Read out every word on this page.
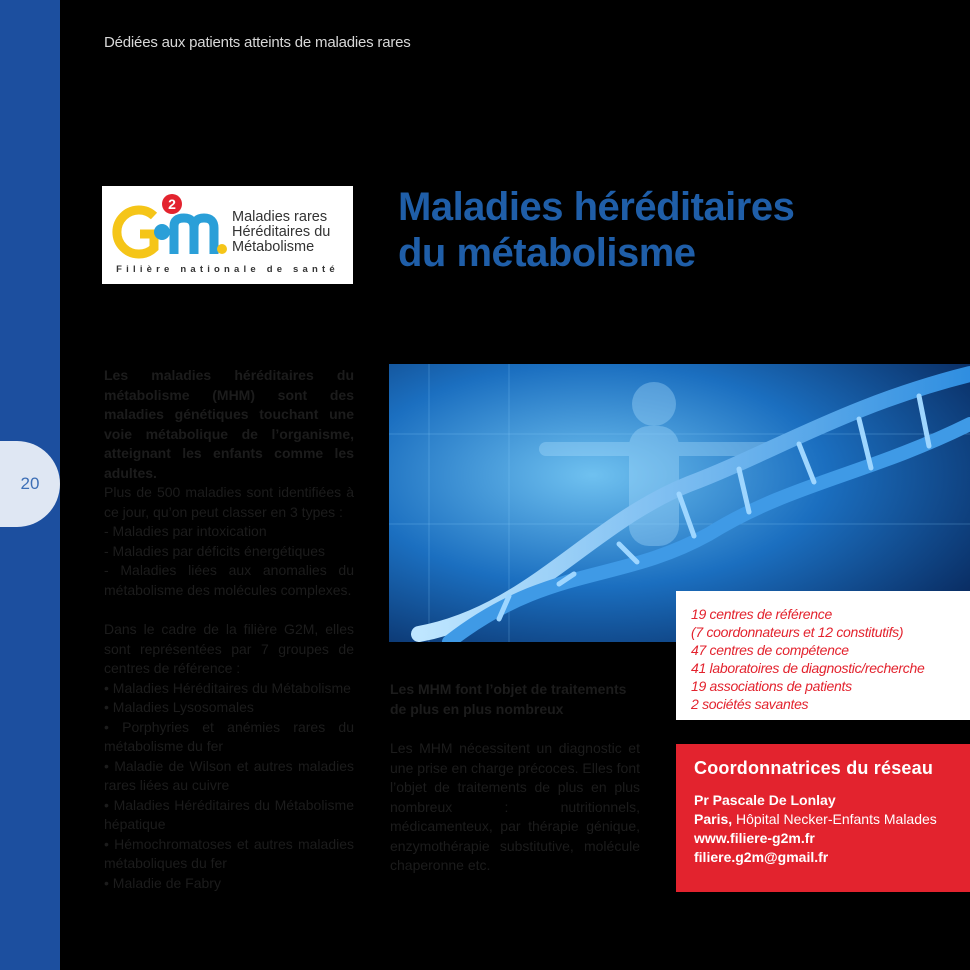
20
Dédiées aux patients atteints de maladies rares
2
Maladies rares
Héréditaires du
Métabolisme
Filière nationale de santé
Maladies héréditaires
du métabolisme

Les maladies héréditaires du métabolisme (MHM) sont des maladies génétiques touchant une voie métabolique de l’organisme, atteignant les enfants comme les adultes.

Plus de 500 maladies sont identifiées à ce jour, qu’on peut classer en 3 types :

- Maladies par intoxication

- Maladies par déficits énergétiques

- Maladies liées aux anomalies du métabolisme des molécules complexes.

Dans le cadre de la filière G2M, elles sont représentées par 7 groupes de centres de référence :

• Maladies Héréditaires du Métabolisme

• Maladies Lysosomales

• Porphyries et anémies rares du métabolisme du fer

• Maladie de Wilson et autres maladies rares liées au cuivre

• Maladies Héréditaires du Métabolisme hépatique

• Hémochromatoses et autres maladies métaboliques du fer

• Maladie de Fabry

Les MHM font l’objet de traitements de plus en plus nombreux

Les MHM nécessitent un diagnostic et une prise en charge précoces. Elles font l’objet de traitements de plus en plus nombreux : nutritionnels, médicamenteux, par thérapie génique, enzymothérapie substitutive, molécule chaperonne etc.

19 centres de référence

(7 coordonnateurs et 12 constitutifs)

47 centres de compétence

41 laboratoires de diagnostic/recherche

19 associations de patients

2 sociétés savantes

Coordonnatrices du réseau

Pr Pascale De Lonlay

Paris, Hôpital Necker-Enfants Malades

www.filiere-g2m.fr

filiere.g2m@gmail.fr
